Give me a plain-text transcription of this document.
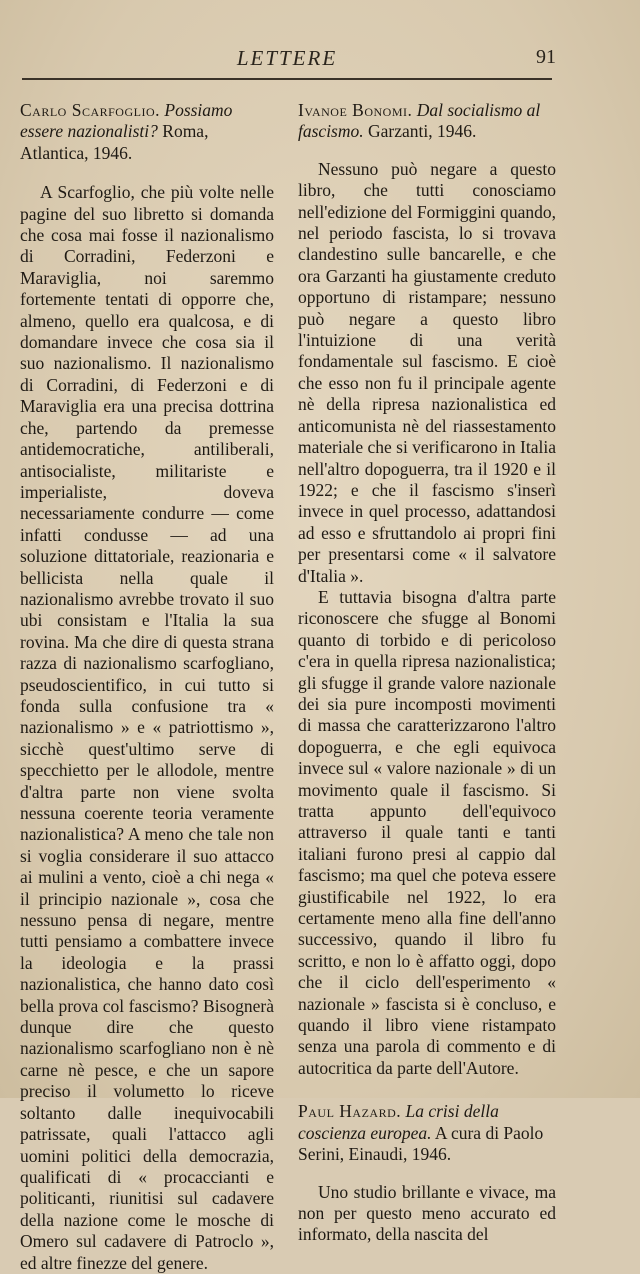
LETTERE	91

Carlo Scarfoglio. Possiamo essere nazionalisti? Roma, Atlantica, 1946.

A Scarfoglio, che più volte nelle pagine del suo libretto si domanda che cosa mai fosse il nazionalismo di Corradini, Federzoni e Maraviglia, noi saremmo fortemente tentati di opporre che, almeno, quello era qualcosa, e di domandare invece che cosa sia il suo nazionalismo. Il nazionalismo di Corradini, di Federzoni e di Maraviglia era una precisa dottrina che, partendo da premesse antidemocratiche, antiliberali, antisocialiste, militariste e imperialiste, doveva necessariamente condurre — come infatti condusse — ad una soluzione dittatoriale, reazionaria e bellicista nella quale il nazionalismo avrebbe trovato il suo ubi consistam e l'Italia la sua rovina. Ma che dire di questa strana razza di nazionalismo scarfogliano, pseudoscientifico, in cui tutto si fonda sulla confusione tra « nazionalismo » e « patriottismo », sicchè quest'ultimo serve di specchietto per le allodole, mentre d'altra parte non viene svolta nessuna coerente teoria veramente nazionalistica? A meno che tale non si voglia considerare il suo attacco ai mulini a vento, cioè a chi nega « il principio nazionale », cosa che nessuno pensa di negare, mentre tutti pensiamo a combattere invece la ideologia e la prassi nazionalistica, che hanno dato così bella prova col fascismo? Bisognerà dunque dire che questo nazionalismo scarfogliano non è nè carne nè pesce, e che un sapore preciso il volumetto lo riceve soltanto dalle inequivocabili patrissate, quali l'attacco agli uomini politici della democrazia, qualificati di « procaccianti e politicanti, riunitisi sul cadavere della nazione come le mosche di Omero sul cadavere di Patroclo », ed altre finezze del genere.

Ivanoe Bonomi. Dal socialismo al fascismo. Garzanti, 1946.

Nessuno può negare a questo libro, che tutti conosciamo nell'edizione del Formiggini quando, nel periodo fascista, lo si trovava clandestino sulle bancarelle, e che ora Garzanti ha giustamente creduto opportuno di ristampare; nessuno può negare a questo libro l'intuizione di una verità fondamentale sul fascismo. E cioè che esso non fu il principale agente nè della ripresa nazionalistica ed anticomunista nè del riassestamento materiale che si verificarono in Italia nell'altro dopoguerra, tra il 1920 e il 1922; e che il fascismo s'inserì invece in quel processo, adattandosi ad esso e sfruttandolo ai propri fini per presentarsi come « il salvatore d'Italia ».

E tuttavia bisogna d'altra parte riconoscere che sfugge al Bonomi quanto di torbido e di pericoloso c'era in quella ripresa nazionalistica; gli sfugge il grande valore nazionale dei sia pure incomposti movimenti di massa che caratterizzarono l'altro dopoguerra, e che egli equivoca invece sul « valore nazionale » di un movimento quale il fascismo. Si tratta appunto dell'equivoco attraverso il quale tanti e tanti italiani furono presi al cappio dal fascismo; ma quel che poteva essere giustificabile nel 1922, lo era certamente meno alla fine dell'anno successivo, quando il libro fu scritto, e non lo è affatto oggi, dopo che il ciclo dell'esperimento « nazionale » fascista si è concluso, e quando il libro viene ristampato senza una parola di commento e di autocritica da parte dell'Autore.

Paul Hazard. La crisi della coscienza europea. A cura di Paolo Serini, Einaudi, 1946.

Uno studio brillante e vivace, ma non per questo meno accurato ed informato, della nascita del
